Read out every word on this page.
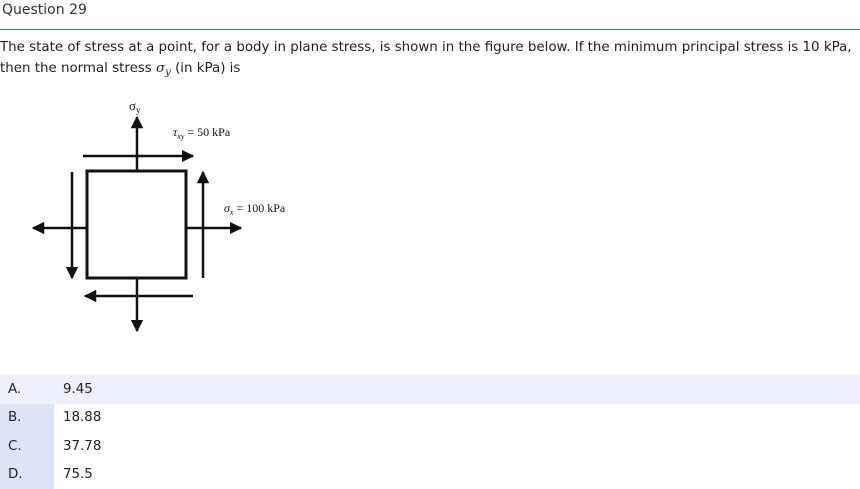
Question 29
The state of stress at a point, for a body in plane stress, is shown in the figure below. If the minimum principal stress is 10 kPa, then the normal stress $\sigma_y$ (in kPa) is
$\sigma_y$
$\tau_{xy} = 50$ kPa
$\sigma_x = 100$ kPa
A.	9.45
B.	18.88
C.	37.78
D.	75.5
